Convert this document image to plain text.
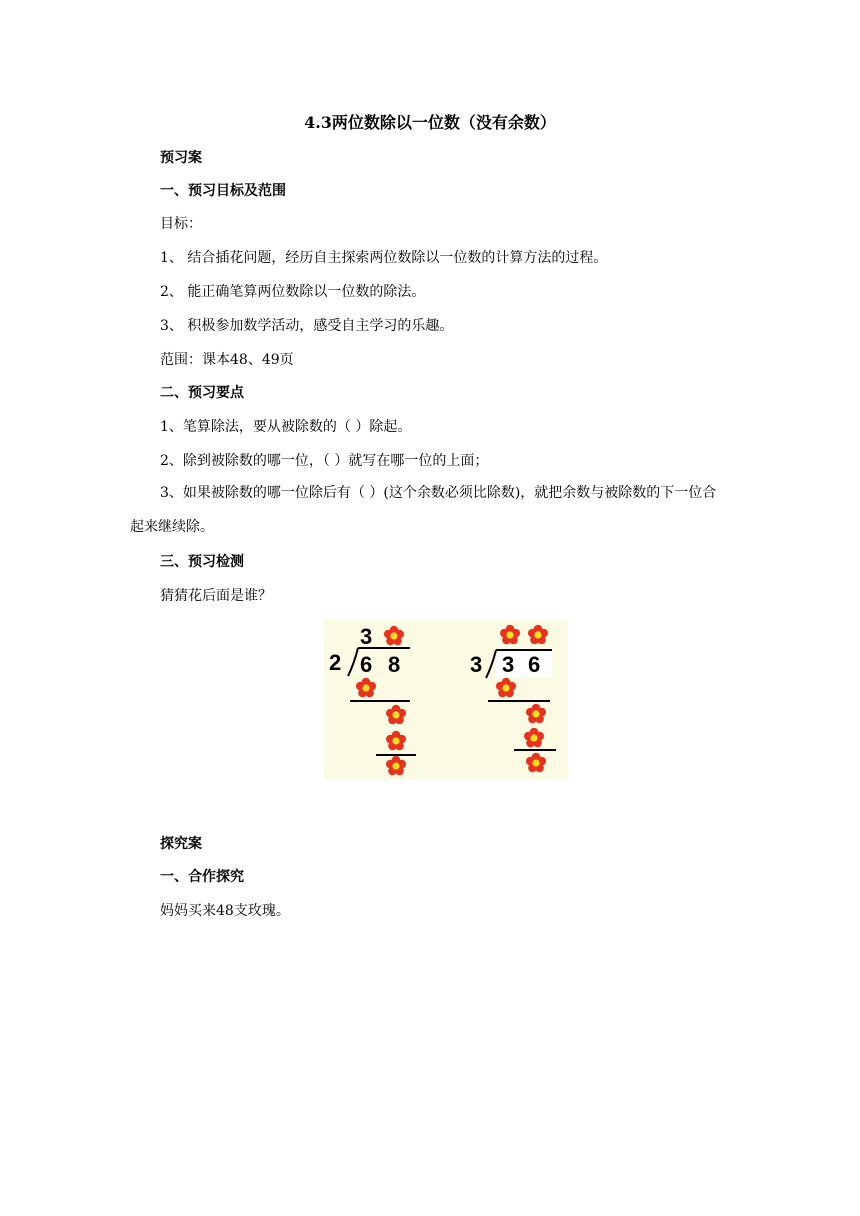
4.3两位数除以一位数（没有余数）
预习案
一、预习目标及范围
目标：
1、 结合插花问题，经历自主探索两位数除以一位数的计算方法的过程。
2、 能正确笔算两位数除以一位数的除法。
3、 积极参加数学活动，感受自主学习的乐趣。
范围：课本48、49页
二、预习要点
1、笔算除法，要从被除数的（ ）除起。
2、除到被除数的哪一位，（ ）就写在哪一位的上面；
3、如果被除数的哪一位除后有（ ）(这个余数必须比除数)，就把余数与被除数的下一位合起来继续除。
三、预习检测
猜猜花后面是谁？
3
2 6 8	3 3 6
探究案
一、合作探究
妈妈买来48支玫瑰。
